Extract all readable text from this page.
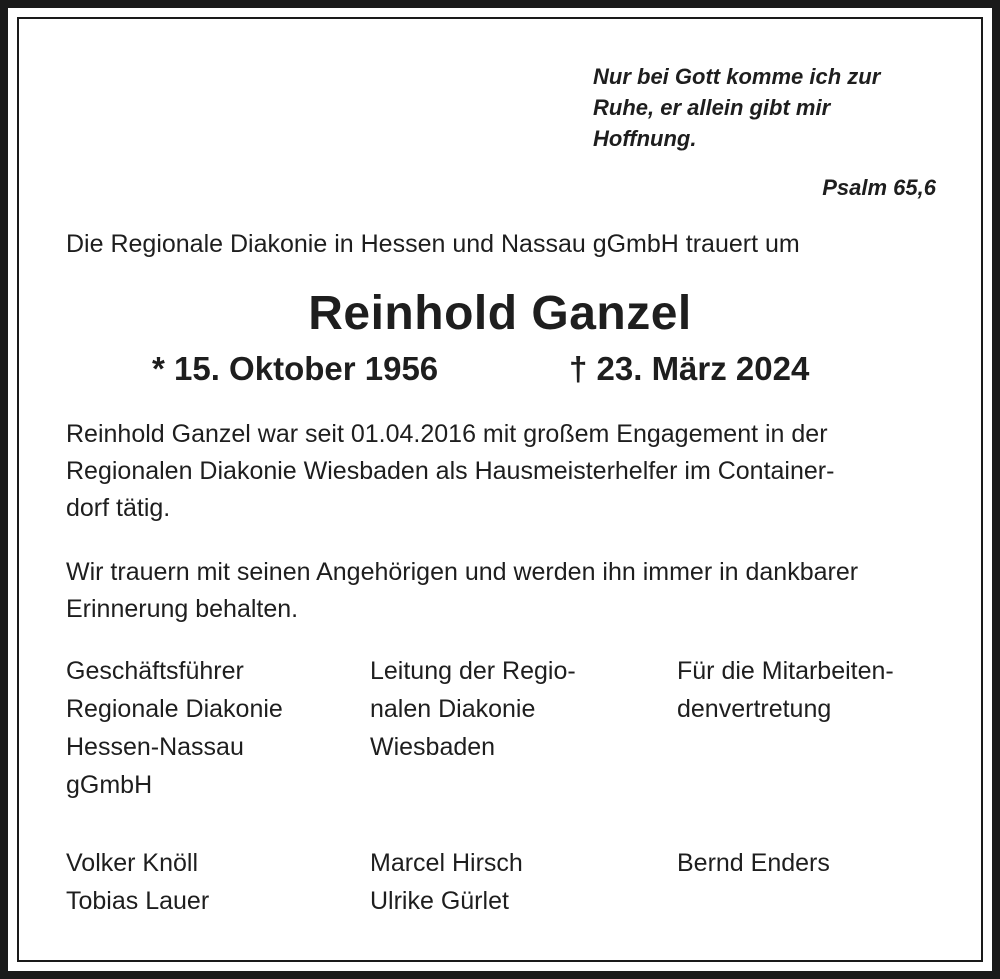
Nur bei Gott komme ich zur
Ruhe, er allein gibt mir
Hoffnung.
Psalm 65,6
Die Regionale Diakonie in Hessen und Nassau gGmbH trauert um
Reinhold Ganzel
* 15. Oktober 1956	† 23. März 2024
Reinhold Ganzel war seit 01.04.2016 mit großem Engagement in der
Regionalen Diakonie Wiesbaden als Hausmeisterhelfer im Container-
dorf tätig.
Wir trauern mit seinen Angehörigen und werden ihn immer in dankbarer
Erinnerung behalten.
Geschäftsführer
Regionale Diakonie
Hessen-Nassau
gGmbH
Leitung der Regio-
nalen Diakonie
Wiesbaden
Für die Mitarbeiten-
denvertretung
Volker Knöll
Tobias Lauer
Marcel Hirsch
Ulrike Gürlet
Bernd Enders
